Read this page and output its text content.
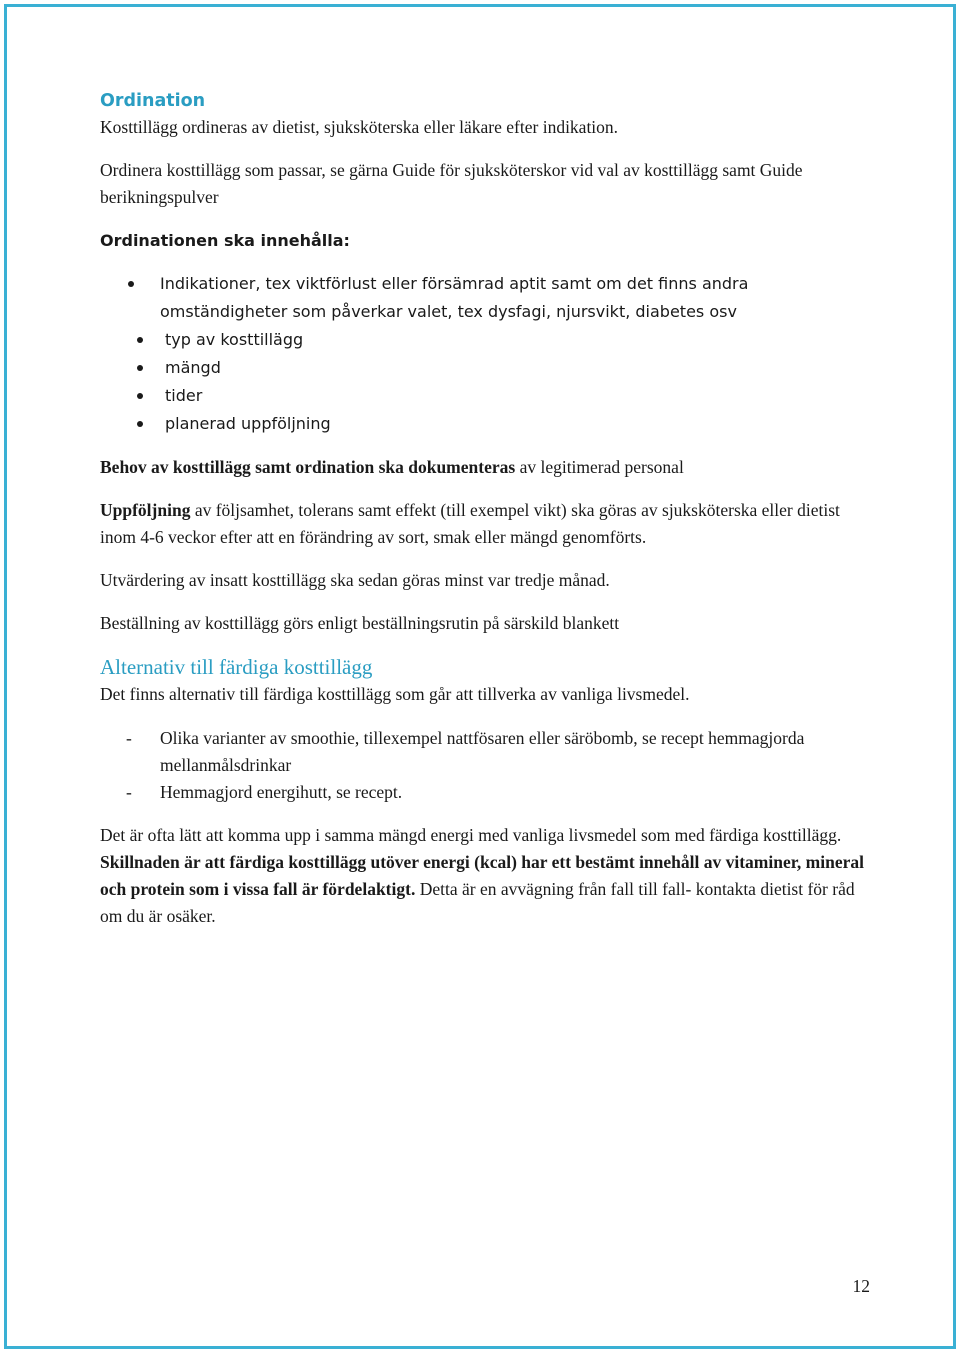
Ordination

Kosttillägg ordineras av dietist, sjuksköterska eller läkare efter indikation.

Ordinera kosttillägg som passar, se gärna Guide för sjuksköterskor vid val av kosttillägg samt Guide berikningspulver

Ordinationen ska innehålla:
Indikationer, tex viktförlust eller försämrad aptit samt om det finns andra omständigheter som påverkar valet, tex dysfagi, njursvikt, diabetes osv
typ av kosttillägg
mängd
tider
planerad uppföljning

Behov av kosttillägg samt ordination ska dokumenteras av legitimerad personal

Uppföljning av följsamhet, tolerans samt effekt (till exempel vikt) ska göras av sjuksköterska eller dietist inom 4-6 veckor efter att en förändring av sort, smak eller mängd genomförts.

Utvärdering av insatt kosttillägg ska sedan göras minst var tredje månad.

Beställning av kosttillägg görs enligt beställningsrutin på särskild blankett

Alternativ till färdiga kosttillägg

Det finns alternativ till färdiga kosttillägg som går att tillverka av vanliga livsmedel.

- Olika varianter av smoothie, tillexempel nattfösaren eller säröbomb, se recept hemmagjorda mellanmålsdrinkar
- Hemmagjord energihutt, se recept.

Det är ofta lätt att komma upp i samma mängd energi med vanliga livsmedel som med färdiga kosttillägg. Skillnaden är att färdiga kosttillägg utöver energi (kcal) har ett bestämt innehåll av vitaminer, mineral och protein som i vissa fall är fördelaktigt. Detta är en avvägning från fall till fall- kontakta dietist för råd om du är osäker.

12
